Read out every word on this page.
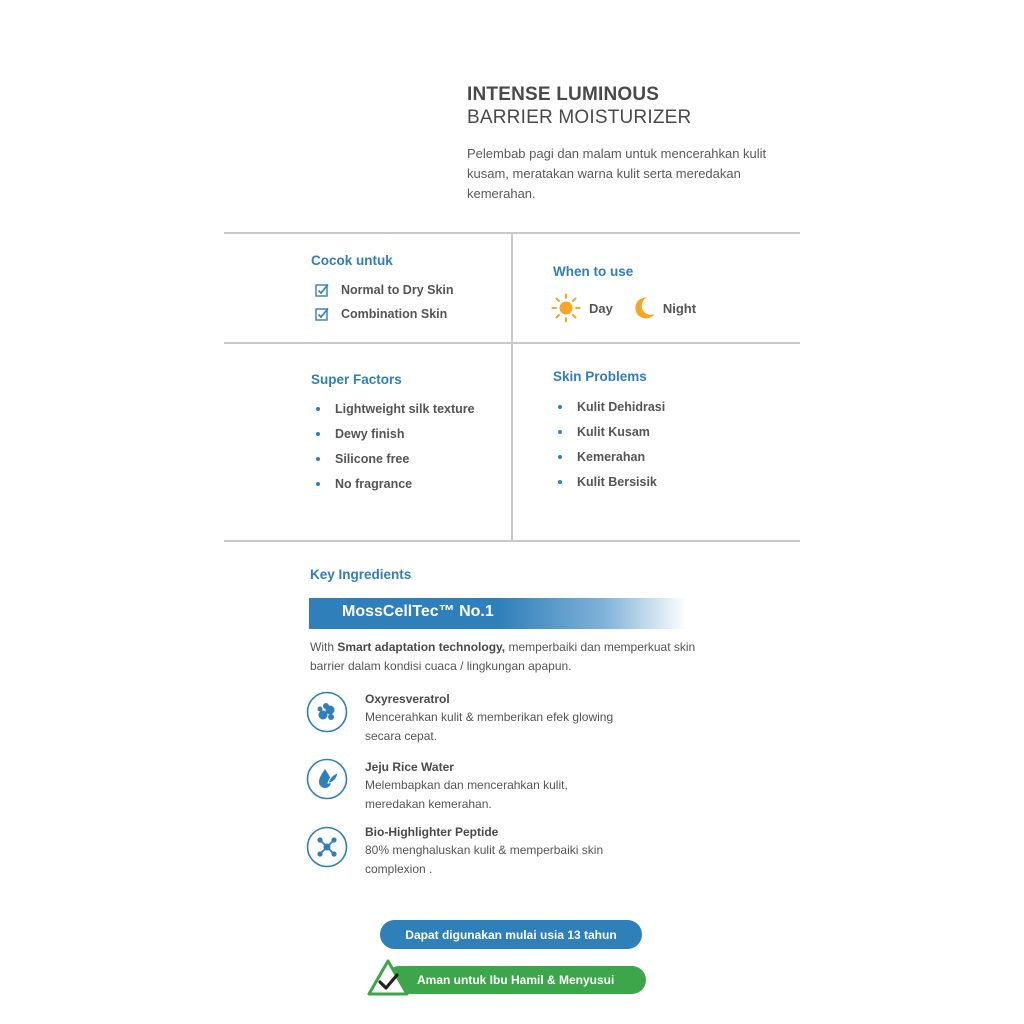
INTENSE LUMINOUS
BARRIER MOISTURIZER
Pelembab pagi dan malam untuk mencerahkan kulit kusam, meratakan warna kulit serta meredakan kemerahan.
Cocok untuk
Normal to Dry Skin
Combination Skin
When to use
Day	Night
Super Factors
Lightweight silk texture
Dewy finish
Silicone free
No fragrance
Skin Problems
Kulit Dehidrasi
Kulit Kusam
Kemerahan
Kulit Bersisik
Key Ingredients
MossCellTec™ No.1
With Smart adaptation technology, memperbaiki dan memperkuat skin barrier dalam kondisi cuaca / lingkungan apapun.
Oxyresveratrol
Mencerahkan kulit & memberikan efek glowing secara cepat.
Jeju Rice Water
Melembapkan dan mencerahkan kulit, meredakan kemerahan.
Bio-Highlighter Peptide
80% menghaluskan kulit & memperbaiki skin complexion .
Dapat digunakan mulai usia 13 tahun
Aman untuk Ibu Hamil & Menyusui
